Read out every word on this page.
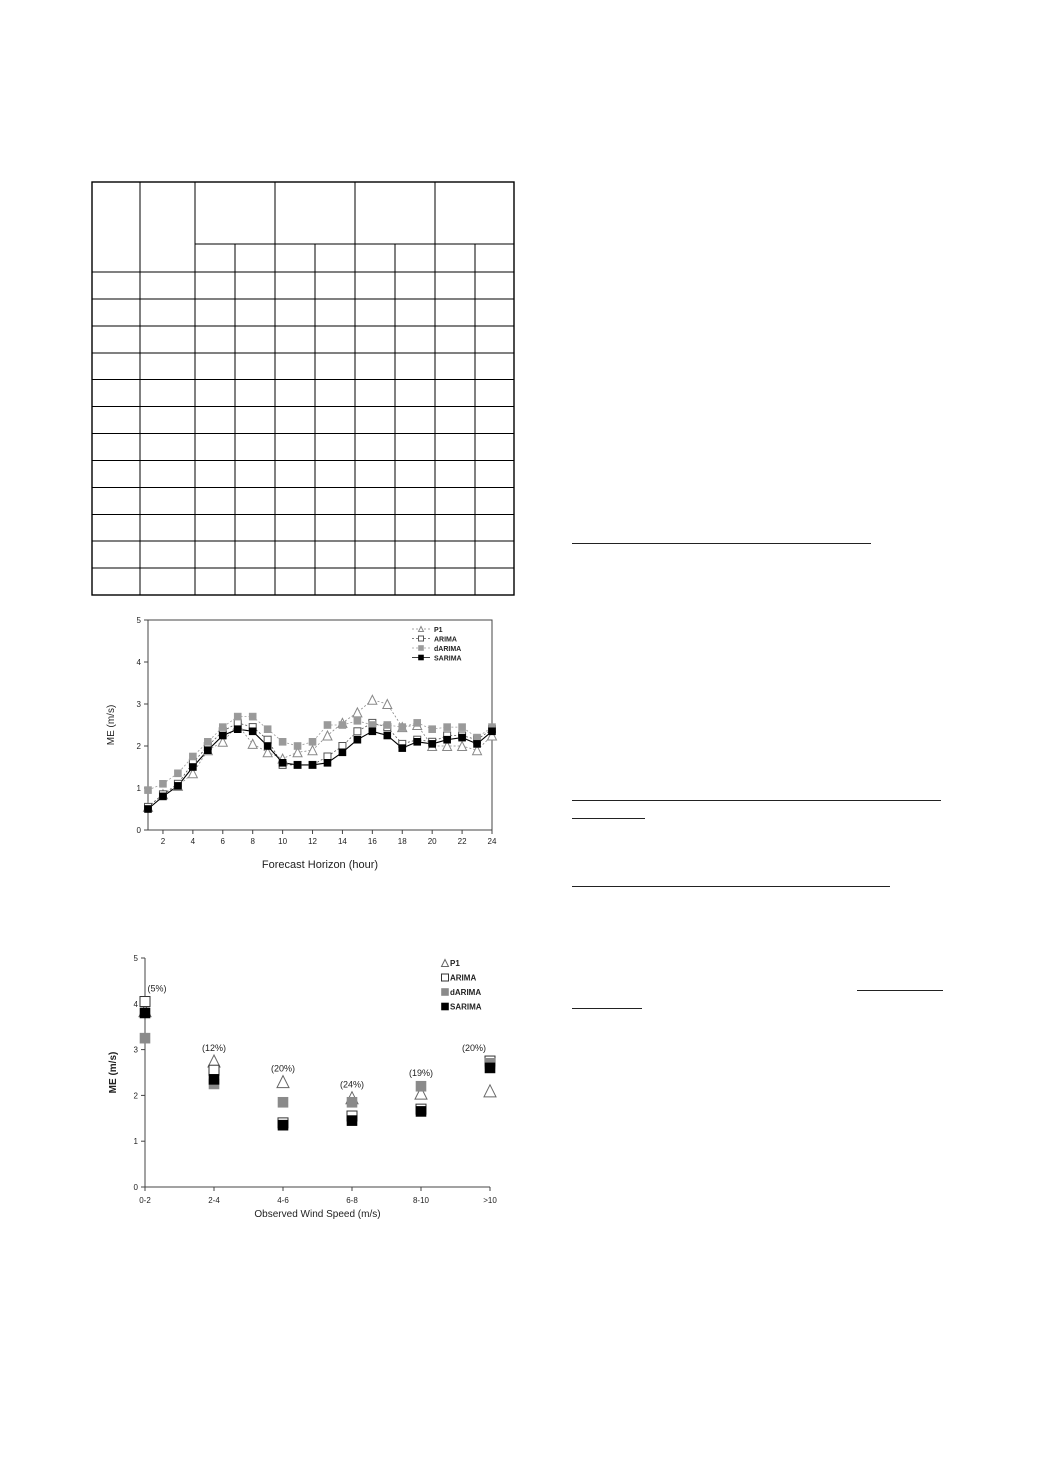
0
1
2
3
4
5
2	4	6	8	10	12	14	16	18	20	22	24
Forecast Horizon (hour)
ME (m/s)
P1
ARIMA
dARIMA
SARIMA
0
1
2
3
4
5
0-2	2-4	4-6	6-8	8-10	>10
Observed Wind Speed (m/s)
ME (m/s)
(5%)
(12%)
(20%)
(24%)
(19%)
(20%)
P1
ARIMA
dARIMA
SARIMA
